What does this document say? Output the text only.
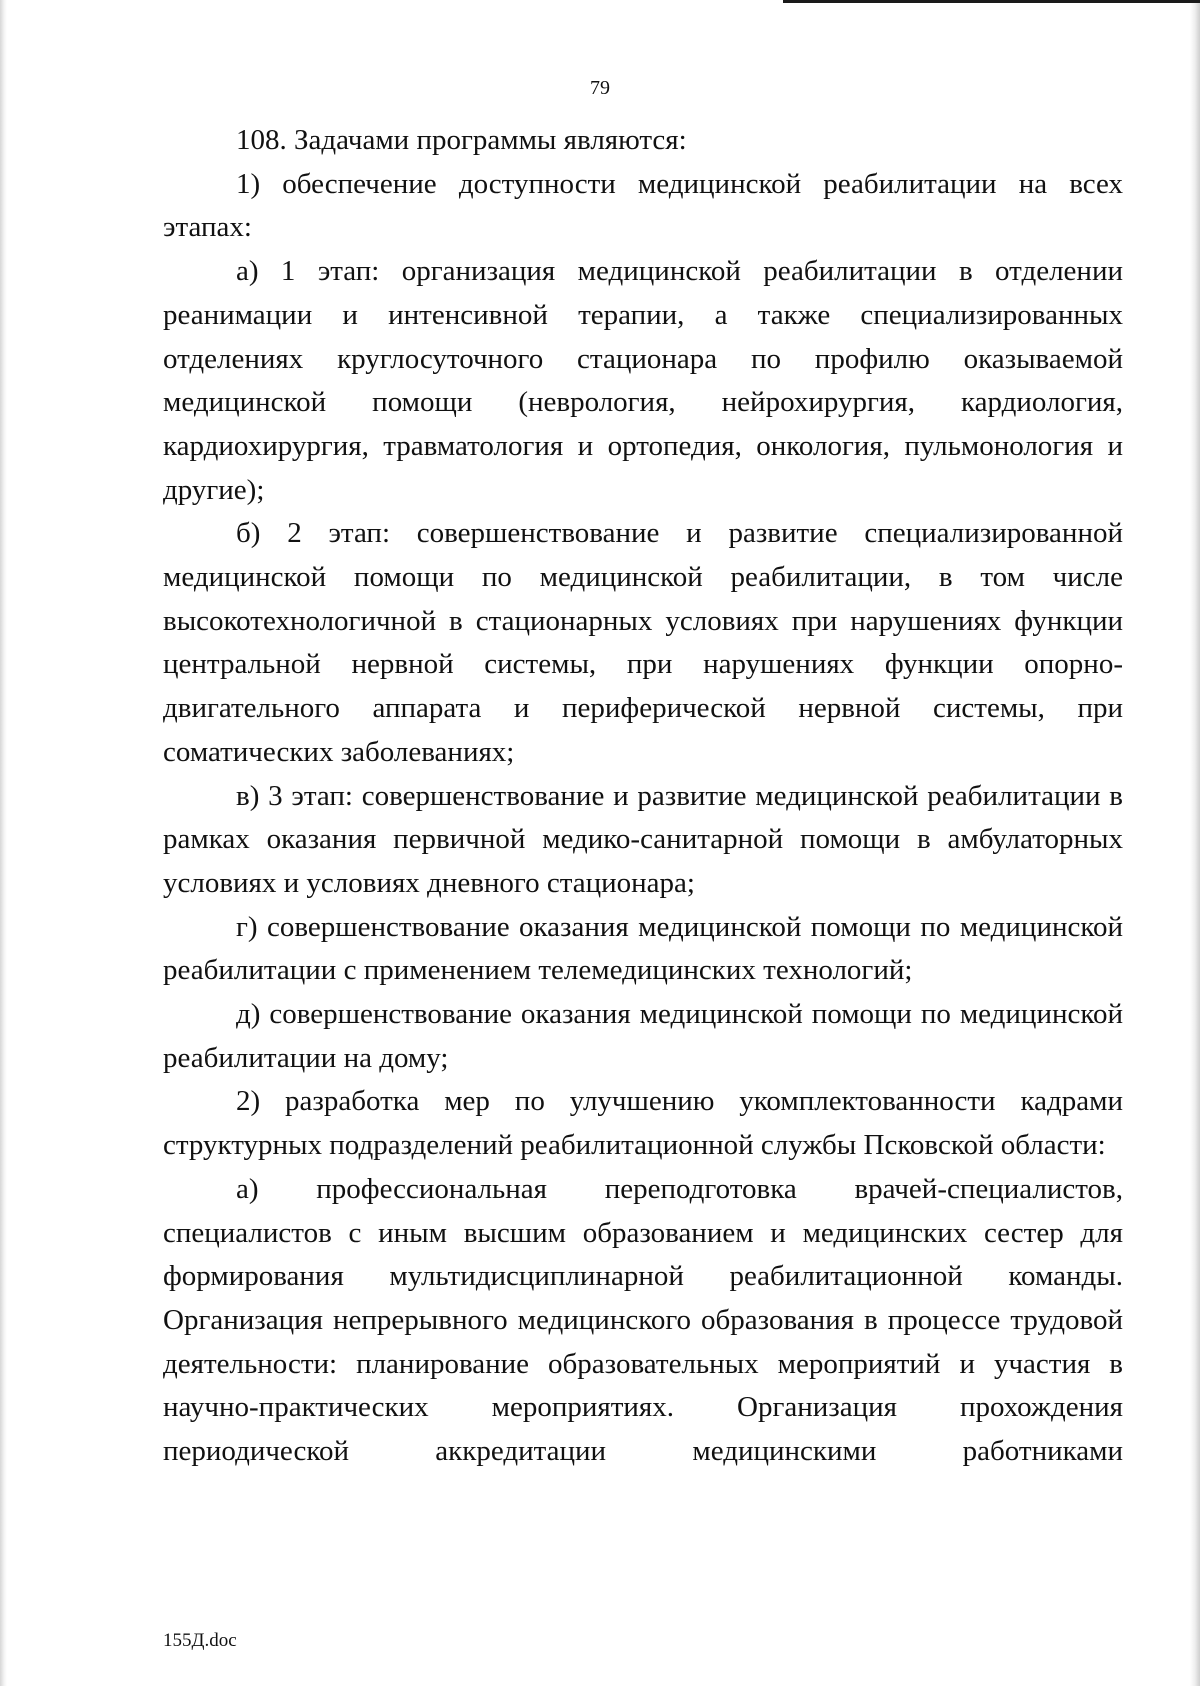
79

108. Задачами программы являются:

1) обеспечение доступности медицинской реабилитации на всех этапах:

а) 1 этап: организация медицинской реабилитации в отделении реанимации и интенсивной терапии, а также специализированных отделениях круглосуточного стационара по профилю оказываемой медицинской помощи (неврология, нейрохирургия, кардиология, кардиохирургия, травматология и ортопедия, онкология, пульмонология и другие);

б) 2 этап: совершенствование и развитие специализированной медицинской помощи по медицинской реабилитации, в том числе высокотехнологичной в стационарных условиях при нарушениях функции центральной нервной системы, при нарушениях функции опорно-двигательного аппарата и периферической нервной системы, при соматических заболеваниях;

в) 3 этап: совершенствование и развитие медицинской реабилитации в рамках оказания первичной медико-санитарной помощи в амбулаторных условиях и условиях дневного стационара;

г) совершенствование оказания медицинской помощи по медицинской реабилитации с применением телемедицинских технологий;

д) совершенствование оказания медицинской помощи по медицинской реабилитации на дому;

2) разработка мер по улучшению укомплектованности кадрами структурных подразделений реабилитационной службы Псковской области:

а) профессиональная переподготовка врачей-специалистов, специалистов с иным высшим образованием и медицинских сестер для формирования мультидисциплинарной реабилитационной команды. Организация непрерывного медицинского образования в процессе трудовой деятельности: планирование образовательных мероприятий и участия в научно-практических мероприятиях. Организация прохождения периодической аккредитации медицинскими работниками

155Д.doc
